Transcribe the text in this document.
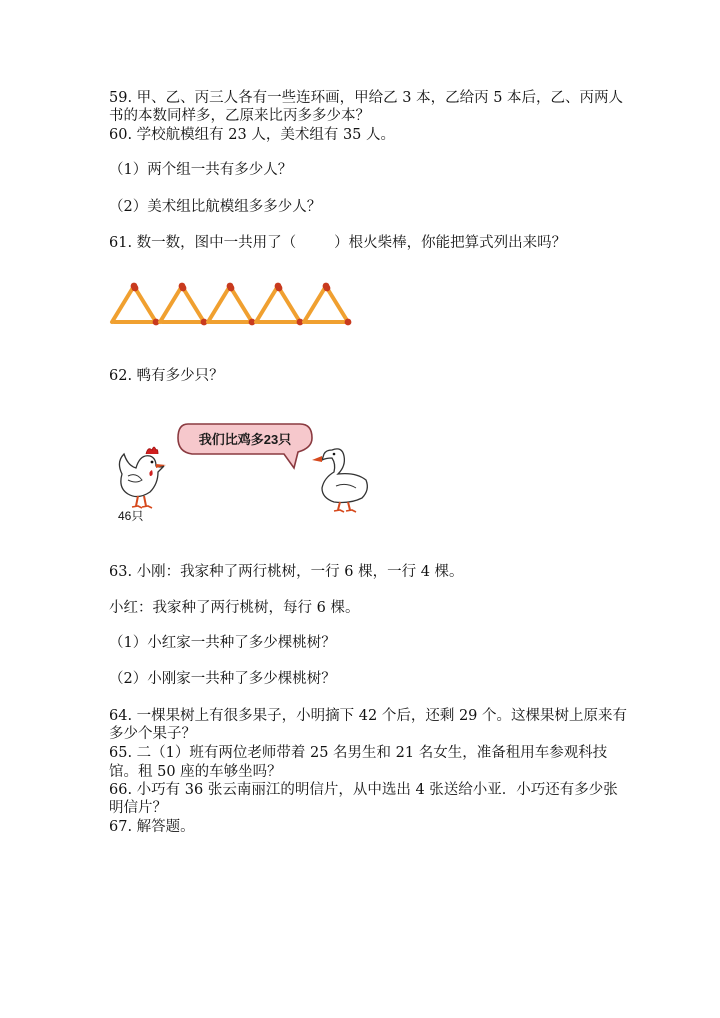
59. 甲、乙、丙三人各有一些连环画，甲给乙 3 本，乙给丙 5 本后，乙、丙两人
书的本数同样多，乙原来比丙多多少本？
60. 学校航模组有 23 人，美术组有 35 人。
（1）两个组一共有多少人？
（2）美术组比航模组多多少人？
61. 数一数，图中一共用了（	）根火柴棒，你能把算式列出来吗？
62. 鸭有多少只？
我们比鸡多23只
46只
63. 小刚：我家种了两行桃树，一行 6 棵，一行 4 棵。
小红：我家种了两行桃树，每行 6 棵。
（1）小红家一共种了多少棵桃树？
（2）小刚家一共种了多少棵桃树？
64. 一棵果树上有很多果子，小明摘下 42 个后，还剩 29 个。这棵果树上原来有
多少个果子？
65. 二（1）班有两位老师带着 25 名男生和 21 名女生，准备租用车参观科技
馆。租 50 座的车够坐吗？
66. 小巧有 36 张云南丽江的明信片，从中选出 4 张送给小亚．小巧还有多少张
明信片？
67. 解答题。
